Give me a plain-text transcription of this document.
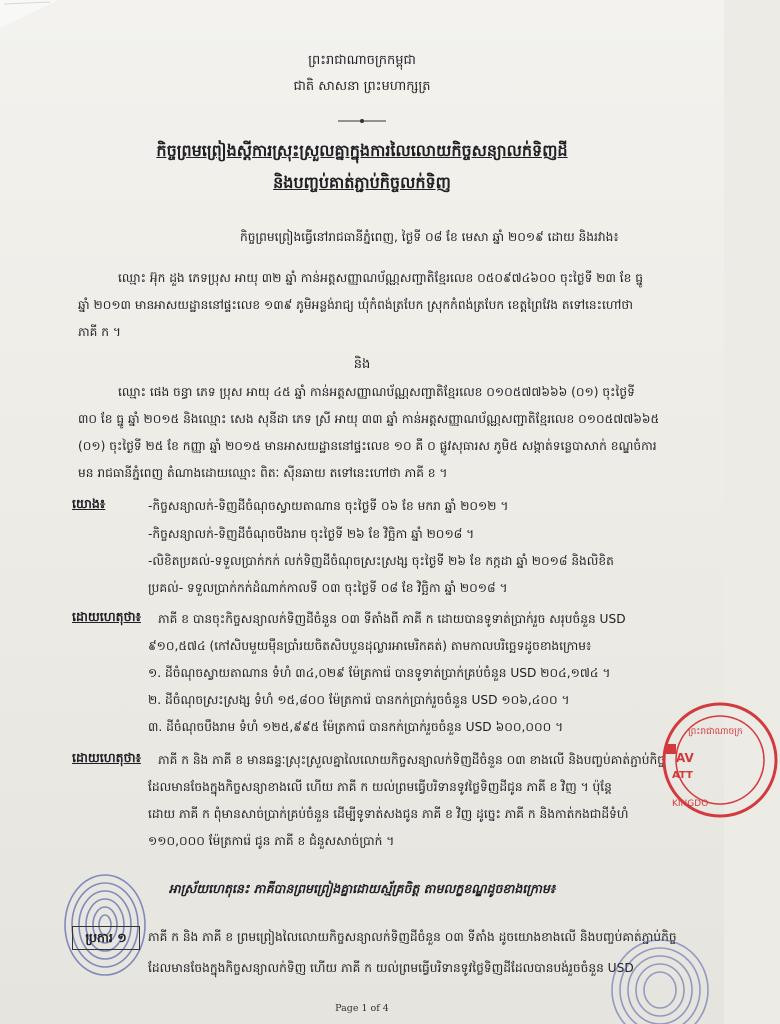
ព្រះរាជាណាចក្រកម្ពុជា
ជាតិ សាសនា ព្រះមហាក្សត្រ
កិច្ចព្រមព្រៀងស្តីការស្រុះស្រួលគ្នាក្នុងការលៃលោយកិច្ចសន្យាលក់ទិញដី
និងបញ្ចប់គាត់ភ្ជាប់កិច្ចលក់ទិញ
កិច្ចព្រមព្រៀងធ្វើនៅរាជធានីភ្នំពេញ, ថ្ងៃទី ០៨ ខែ មេសា ឆ្នាំ ២០១៩ ដោយ និងរវាង៖
ឈ្មោះ អ៊ុក ដួង ភេទប្រុស អាយុ ៣២ ឆ្នាំ កាន់អត្តសញ្ញាណប័ណ្ណសញ្ជាតិខ្មែរលេខ ០៥០៩៧៤៦០០ ចុះថ្ងៃទី ២៣ ខែ ធ្នូ
ឆ្នាំ ២០១៣ មានអាសយដ្ឋាននៅផ្ទះលេខ ១៣៩ ភូមិអន្លង់រាជ្យ ឃុំកំពង់ត្របែក ស្រុកកំពង់ត្របែក ខេត្តព្រៃវែង តទៅនេះហៅថា
ភាគី ក ។
និង
ឈ្មោះ ផេង ចន្ធា ភេទ ប្រុស អាយុ ៤៥ ឆ្នាំ កាន់អត្តសញ្ញាណប័ណ្ណសញ្ជាតិខ្មែរលេខ ០១០៥៧៧៦៦៦ (០១) ចុះថ្ងៃទី
៣០ ខែ ធ្នូ ឆ្នាំ ២០១៥ និងឈ្មោះ សេង សុនីដា ភេទ ស្រី អាយុ ៣៣ ឆ្នាំ កាន់អត្តសញ្ញាណប័ណ្ណសញ្ជាតិខ្មែរលេខ ០១០៥៧៧៦៦៥
(០១) ចុះថ្ងៃទី ២៥ ខែ កញ្ញា ឆ្នាំ ២០១៥ មានអាសយដ្ឋាននៅផ្ទះលេខ ១០ គឺ ០ ផ្លូវសុធារស ភូមិ៥ សង្កាត់ទន្លេបាសាក់ ខណ្ឌចំការ
មន រាជធានីភ្នំពេញ តំណាងដោយឈ្មោះ ពិតៈ ស៊ីនឆាយ តទៅនេះហៅថា ភាគី ខ ។
យោង៖	-កិច្ចសន្យាលក់-ទិញដីចំណុចស្វាយតាណាន ចុះថ្ងៃទី ០៦ ខែ មករា ឆ្នាំ ២០១២ ។
-កិច្ចសន្យាលក់-ទិញដីចំណុចបឹងរាម ចុះថ្ងៃទី ២៦ ខែ វិច្ឆិកា ឆ្នាំ ២០១៨ ។
-លិខិតប្រគល់-ទទួលប្រាក់កក់ លក់ទិញដីចំណុចស្រះស្រង្ស ចុះថ្ងៃទី ២៦ ខែ កក្កដា ឆ្នាំ ២០១៨ និងលិខិត
ប្រគល់- ទទួលប្រាក់កក់ដំណាក់កាលទី ០៣ ចុះថ្ងៃទី ០៨ ខែ វិច្ឆិកា ឆ្នាំ ២០១៨ ។
ដោយហេតុថា៖ ភាគី ខ បានចុះកិច្ចសន្យាលក់ទិញដីចំនួន ០៣ ទីតាំងពី ភាគី ក ដោយបានទូទាត់ប្រាក់រួច សរុបចំនួន USD
៩១០,៥៧៤ (កៅសិបមួយម៉ឺនប្រាំរយចិតសិបបួនដុល្លារអាមេរិកគត់) តាមកាលបរិច្ឆេទដូចខាងក្រោម៖
១. ដីចំណុចស្វាយតាណាន ទំហំ ៣៤,០២៩ ម៉ែត្រការ៉េ បានទូទាត់ប្រាក់គ្រប់ចំនួន USD ២០៤,១៧៤ ។
២. ដីចំណុចស្រះស្រង្ស ទំហំ ១៥,៨០០ ម៉ែត្រការ៉េ បានកក់ប្រាក់រួចចំនួន USD ១០៦,៤០០ ។
៣. ដីចំណុចបឹងរាម ទំហំ ១២៥,៩៩៥ ម៉ែត្រការ៉េ បានកក់ប្រាក់រួចចំនួន USD ៦០០,០០០ ។
ដោយហេតុថា៖ ភាគី ក និង ភាគី ខ មានឆន្ទៈស្រុះស្រួលគ្នាលៃលោយកិច្ចសន្យាលក់ទិញដីចំនួន ០៣ ខាងលើ និងបញ្ចប់គាត់ភ្ជាប់កិច្ច
ដែលមានចែងក្នុងកិច្ចសន្យាខាងលើ ហើយ ភាគី ក យល់ព្រមធ្វើបរិទានទូវថ្លៃទិញដីជូន ភាគី ខ វិញ ។ ប៉ុន្តែ
ដោយ ភាគី ក ពុំមានសាច់ប្រាក់គ្រប់ចំនួន ដើម្បីទូទាត់សងជូន ភាគី ខ វិញ ដូច្នេះ ភាគី ក និងកាត់កងជាដីទំហំ
១១០,០០០ ម៉ែត្រការ៉េ ជូន ភាគី ខ ជំនួសសាច់ប្រាក់ ។
អាស្រ័យហេតុនេះ ភាគីបានព្រមព្រៀងគ្នាដោយស្ម័គ្រចិត្ត តាមលក្ខខណ្ឌដូចខាងក្រោម៖
ប្រការ ១	ភាគី ក និង ភាគី ខ ព្រមព្រៀងលៃលោយកិច្ចសន្យាលក់ទិញដីចំនួន ០៣ ទីតាំង ដូចយោងខាងលើ និងបញ្ចប់គាត់ភ្ជាប់កិច្ច
ដែលមានចែងក្នុងកិច្ចសន្យាលក់ទិញ ហើយ ភាគី ក យល់ព្រមធ្វើបរិទានទូវថ្លៃទិញដីដែលបានបង់រួចចំនួន USD
ព្រះរាជាណាចក្រ
AV
ATT
KINGDO
Page 1 of 4
